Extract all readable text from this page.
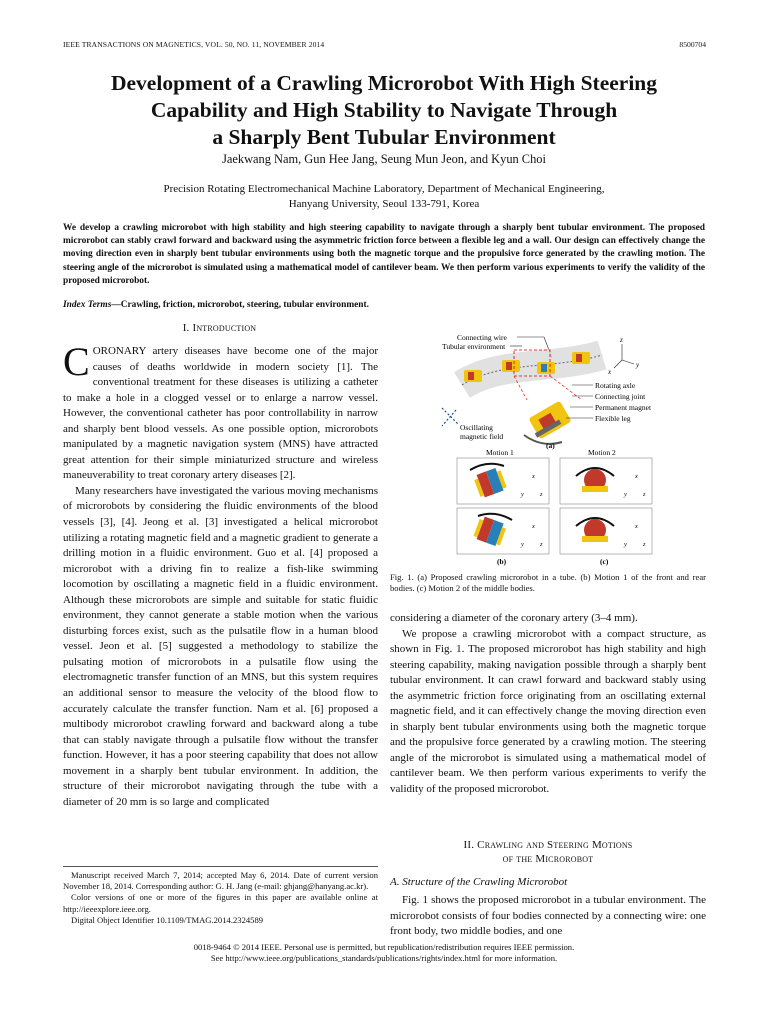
IEEE TRANSACTIONS ON MAGNETICS, VOL. 50, NO. 11, NOVEMBER 2014	8500704
Development of a Crawling Microrobot With High Steering
Capability and High Stability to Navigate Through
a Sharply Bent Tubular Environment
Jaekwang Nam, Gun Hee Jang, Seung Mun Jeon, and Kyun Choi
Precision Rotating Electromechanical Machine Laboratory, Department of Mechanical Engineering,
Hanyang University, Seoul 133-791, Korea
We develop a crawling microrobot with high stability and high steering capability to navigate through a sharply bent tubular environment. The proposed microrobot can stably crawl forward and backward using the asymmetric friction force between a flexible leg and a wall. Our design can effectively change the moving direction even in sharply bent tubular environments using both the magnetic torque and the propulsive force generated by the crawling motion. The steering angle of the microrobot is simulated using a mathematical model of cantilever beam. We then perform various experiments to verify the validity of the proposed microrobot.
Index Terms—Crawling, friction, microrobot, steering, tubular environment.
I. Introduction

CORONARY artery diseases have become one of the major causes of deaths worldwide in modern society [1]. The conventional treatment for these diseases is utilizing a catheter to make a hole in a clogged vessel or to enlarge a narrow vessel. However, the conventional catheter has poor controllability in narrow and sharply bent blood vessels. As one possible option, microrobots manipulated by a magnetic navigation system (MNS) have attracted great attention for their simple miniaturized structure and wireless maneuverability to treat coronary artery diseases [2].

Many researchers have investigated the various moving mechanisms of microrobots by considering the fluidic environments of the blood vessels [3], [4]. Jeong et al. [3] investigated a helical microrobot utilizing a rotating magnetic field and a magnetic gradient to generate a drilling motion in a fluidic environment. Guo et al. [4] proposed a microrobot with a driving fin to realize a fish-like swimming locomotion by oscillating a magnetic field in a fluidic environment. Although these microrobots are simple and suitable for static fluidic environment, they cannot generate a stable motion when the various disturbing forces exist, such as the pulsatile flow in a human blood vessel. Jeon et al. [5] suggested a methodology to stabilize the pulsating motion of microrobots in a pulsatile flow using the electromagnetic transfer function of an MNS, but this system requires an additional sensor to measure the velocity of the blood flow to accurately calculate the transfer function. Nam et al. [6] proposed a multibody microrobot crawling forward and backward along a tube that can stably navigate through a pulsatile flow without the transfer function. However, it has a poor steering capability that does not allow movement in a sharply bent tubular environment. In addition, the structure of their microrobot navigating through the tube with a diameter of 20 mm is so large and complicated

Manuscript received March 7, 2014; accepted May 6, 2014. Date of current version November 18, 2014. Corresponding author: G. H. Jang (e-mail: ghjang@hanyang.ac.kr).

Color versions of one or more of the figures in this paper are available online at http://ieeexplore.ieee.org.

Digital Object Identifier 10.1109/TMAG.2014.2324589

0018-9464 © 2014 IEEE. Personal use is permitted, but republication/redistribution requires IEEE permission.
See http://www.ieee.org/publications_standards/publications/rights/index.html for more information.
Connecting wire
Tubular environment
Oscillating
magnetic field
z
y
x
Rotating axle
Connecting joint
Permanent magnet
Flexible leg
(a)
Motion 1	Motion 2
x
y z
x
y z
(b)
x
y z
x
y z
(c)
Fig. 1. (a) Proposed crawling microrobot in a tube. (b) Motion 1 of the front and rear bodies. (c) Motion 2 of the middle bodies.

considering a diameter of the coronary artery (3–4 mm).

We propose a crawling microrobot with a compact structure, as shown in Fig. 1. The proposed microrobot has high stability and high steering capability, making navigation possible through a sharply bent tubular environment. It can crawl forward and backward stably using the asymmetric friction force originating from an oscillating external magnetic field, and it can effectively change the moving direction even in sharply bent tubular environments using both the magnetic torque and the propulsive force generated by a crawling motion. The steering angle of the microrobot is simulated using a mathematical model of cantilever beam. We then perform various experiments to verify the validity of the proposed microrobot.

II. Crawling and Steering Motions
of the Microrobot
A. Structure of the Crawling Microrobot

Fig. 1 shows the proposed microrobot in a tubular environment. The microrobot consists of four bodies connected by a connecting wire: one front body, two middle bodies, and one
